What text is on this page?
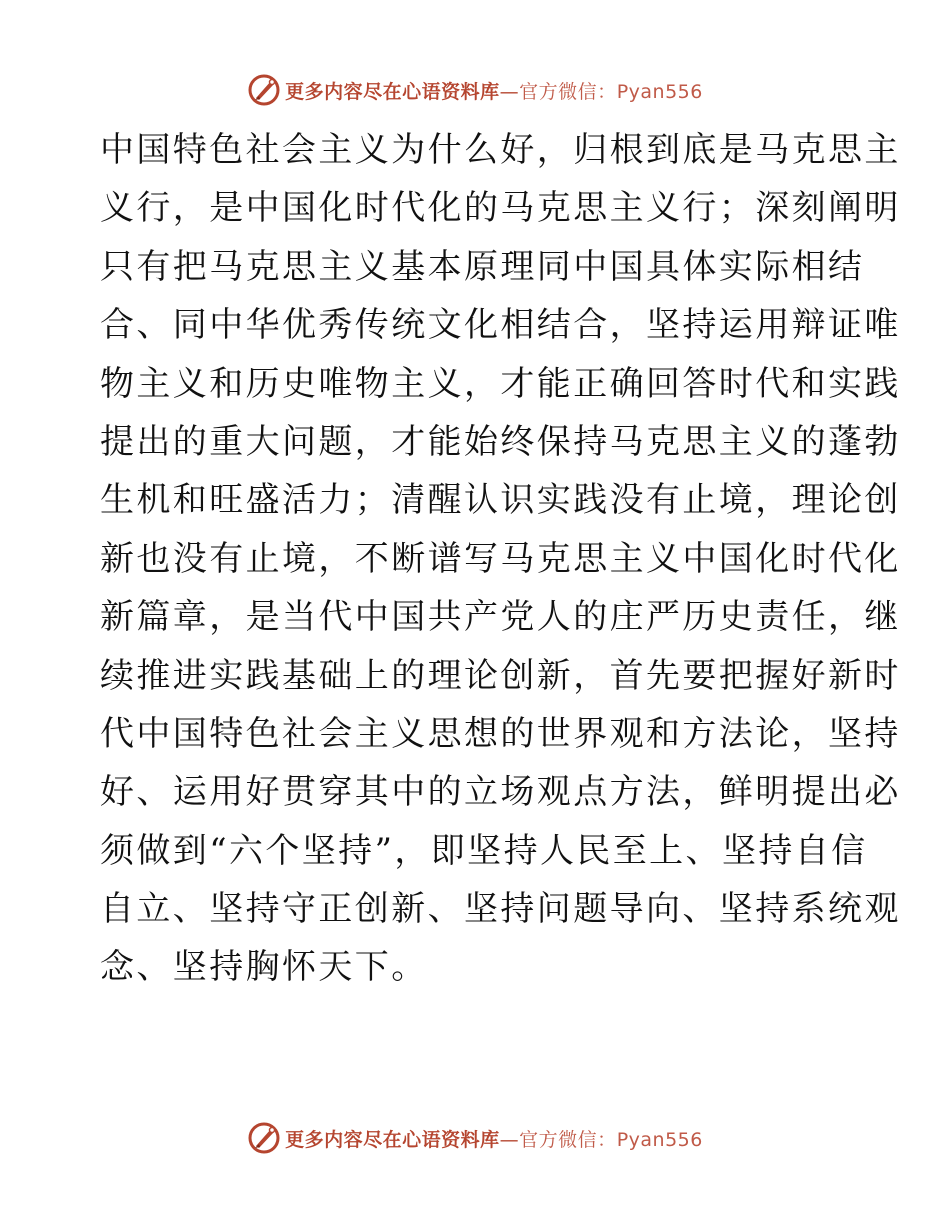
更多内容尽在心语资料库—官方微信：Pyan556
中国特色社会主义为什么好，归根到底是马克思主
义行，是中国化时代化的马克思主义行；深刻阐明
只有把马克思主义基本原理同中国具体实际相结
合、同中华优秀传统文化相结合，坚持运用辩证唯
物主义和历史唯物主义，才能正确回答时代和实践
提出的重大问题，才能始终保持马克思主义的蓬勃
生机和旺盛活力；清醒认识实践没有止境，理论创
新也没有止境，不断谱写马克思主义中国化时代化
新篇章，是当代中国共产党人的庄严历史责任，继
续推进实践基础上的理论创新，首先要把握好新时
代中国特色社会主义思想的世界观和方法论，坚持
好、运用好贯穿其中的立场观点方法，鲜明提出必
须做到“六个坚持”，即坚持人民至上、坚持自信
自立、坚持守正创新、坚持问题导向、坚持系统观
念、坚持胸怀天下。
更多内容尽在心语资料库—官方微信：Pyan556
